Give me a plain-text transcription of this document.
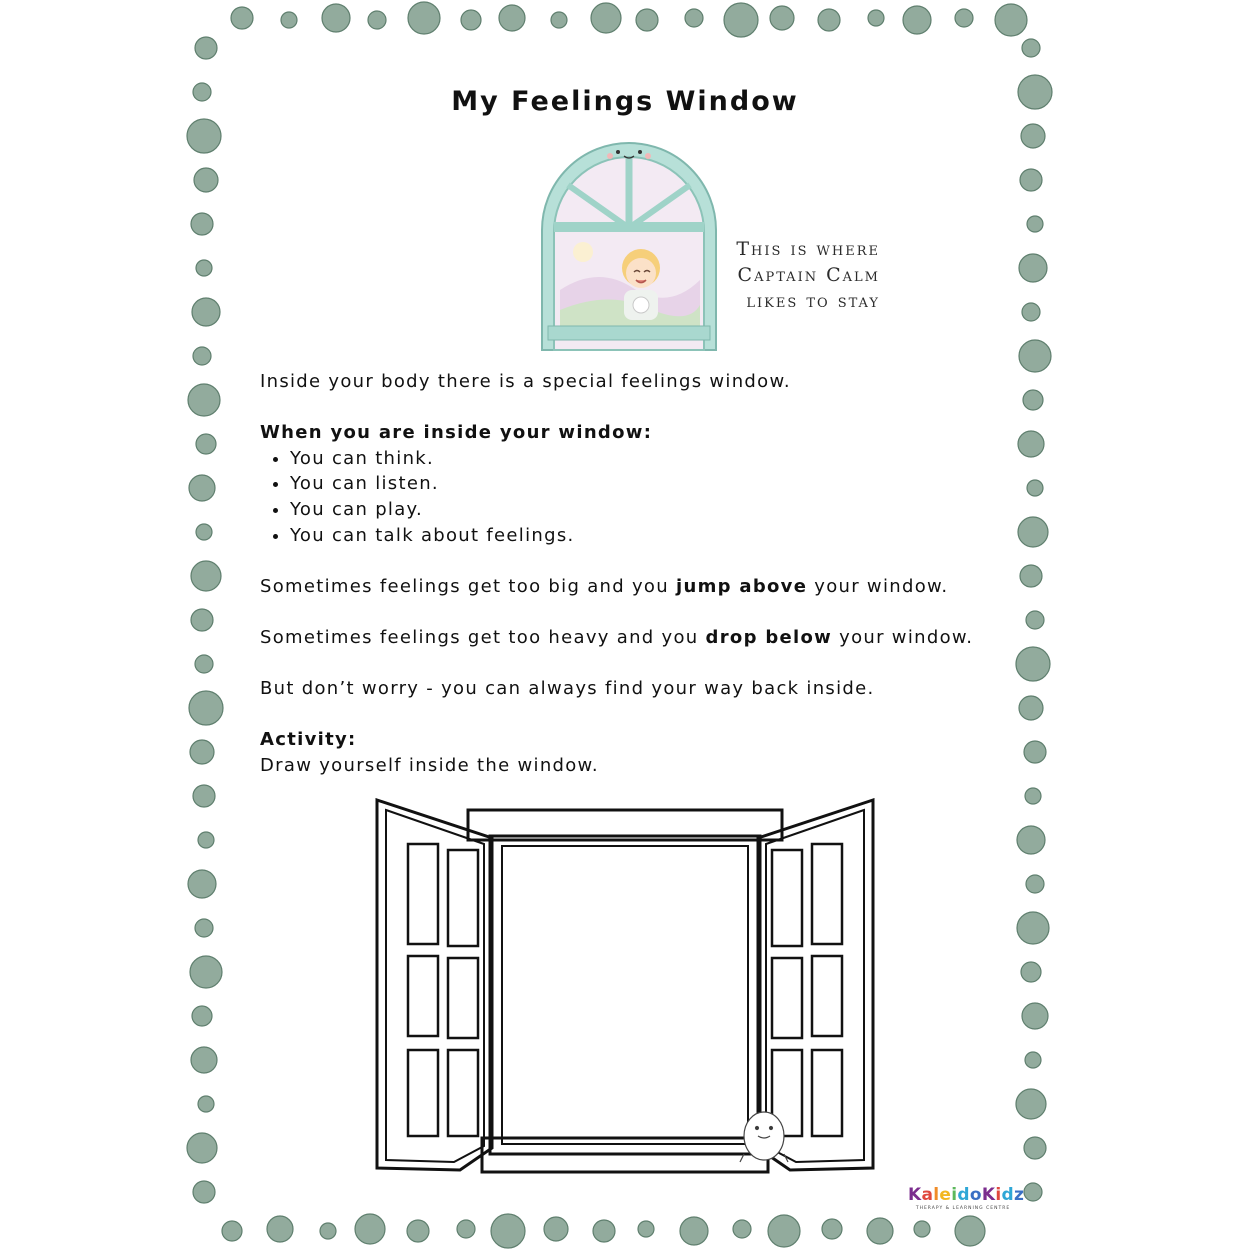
My Feelings Window
This is where
Captain Calm
likes to stay

Inside your body there is a special feelings window.

When you are inside your window:
• You can think.
• You can listen.
• You can play.
• You can talk about feelings.

Sometimes feelings get too big and you jump above your window.

Sometimes feelings get too heavy and you drop below your window.

But don’t worry - you can always find your way back inside.

Activity:
Draw yourself inside the window.
KaleidoKidz
THERAPY & LEARNING CENTRE
